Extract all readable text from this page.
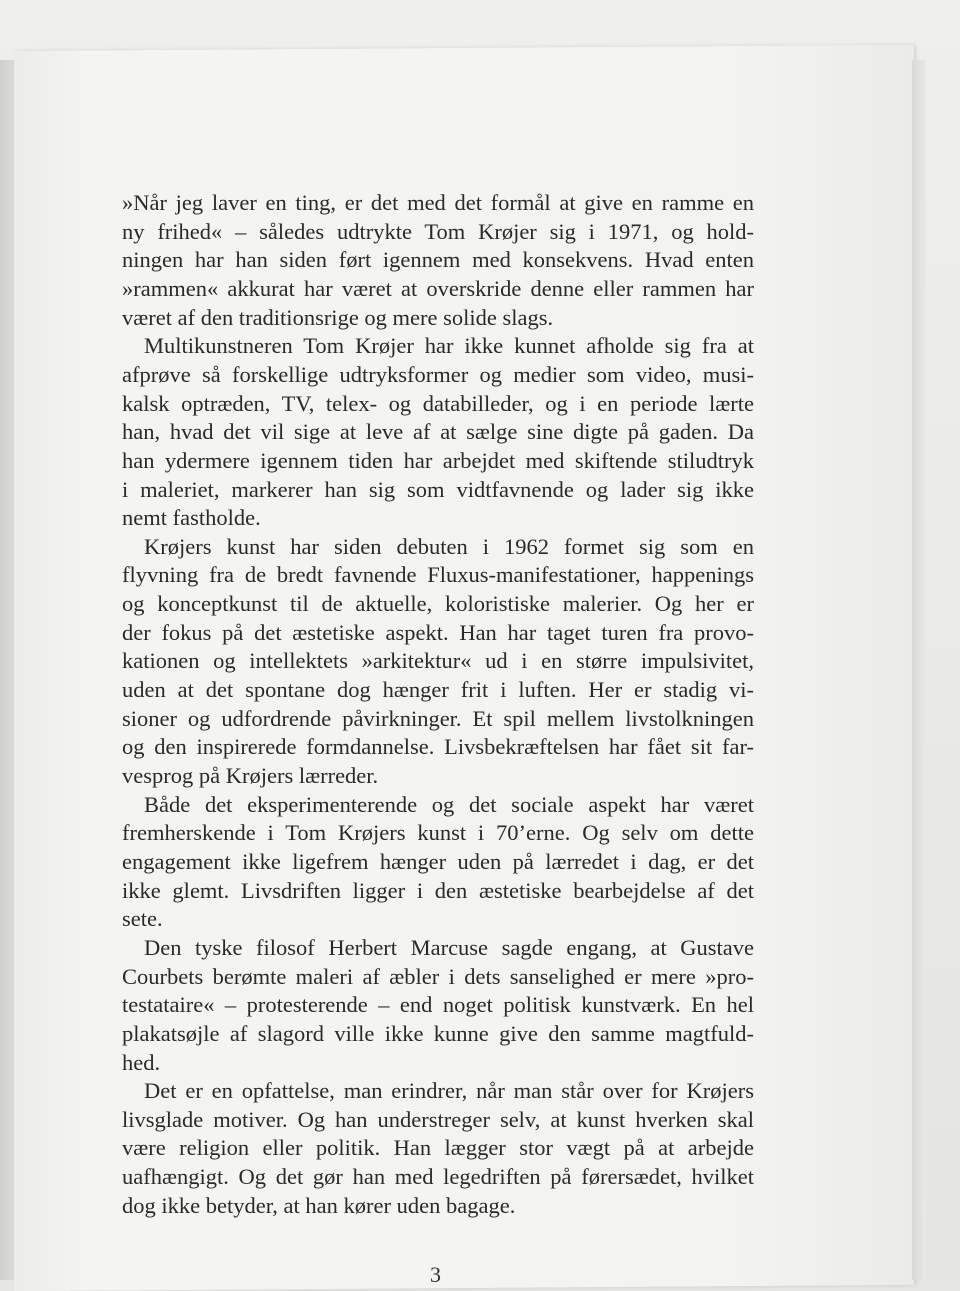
»Når jeg laver en ting, er det med det formål at give en ramme en
ny frihed« – således udtrykte Tom Krøjer sig i 1971, og hold-
ningen har han siden ført igennem med konsekvens. Hvad enten
»rammen« akkurat har været at overskride denne eller rammen har
været af den traditionsrige og mere solide slags.
Multikunstneren Tom Krøjer har ikke kunnet afholde sig fra at
afprøve så forskellige udtryksformer og medier som video, musi-
kalsk optræden, TV, telex- og databilleder, og i en periode lærte
han, hvad det vil sige at leve af at sælge sine digte på gaden. Da
han ydermere igennem tiden har arbejdet med skiftende stiludtryk
i maleriet, markerer han sig som vidtfavnende og lader sig ikke
nemt fastholde.
Krøjers kunst har siden debuten i 1962 formet sig som en
flyvning fra de bredt favnende Fluxus-manifestationer, happenings
og konceptkunst til de aktuelle, koloristiske malerier. Og her er
der fokus på det æstetiske aspekt. Han har taget turen fra provo-
kationen og intellektets »arkitektur« ud i en større impulsivitet,
uden at det spontane dog hænger frit i luften. Her er stadig vi-
sioner og udfordrende påvirkninger. Et spil mellem livstolkningen
og den inspirerede formdannelse. Livsbekræftelsen har fået sit far-
vesprog på Krøjers lærreder.
Både det eksperimenterende og det sociale aspekt har været
fremherskende i Tom Krøjers kunst i 70’erne. Og selv om dette
engagement ikke ligefrem hænger uden på lærredet i dag, er det
ikke glemt. Livsdriften ligger i den æstetiske bearbejdelse af det
sete.
Den tyske filosof Herbert Marcuse sagde engang, at Gustave
Courbets berømte maleri af æbler i dets sanselighed er mere »pro-
testataire« – protesterende – end noget politisk kunstværk. En hel
plakatsøjle af slagord ville ikke kunne give den samme magtfuld-
hed.
Det er en opfattelse, man erindrer, når man står over for Krøjers
livsglade motiver. Og han understreger selv, at kunst hverken skal
være religion eller politik. Han lægger stor vægt på at arbejde
uafhængigt. Og det gør han med legedriften på førersædet, hvilket
dog ikke betyder, at han kører uden bagage.
3
